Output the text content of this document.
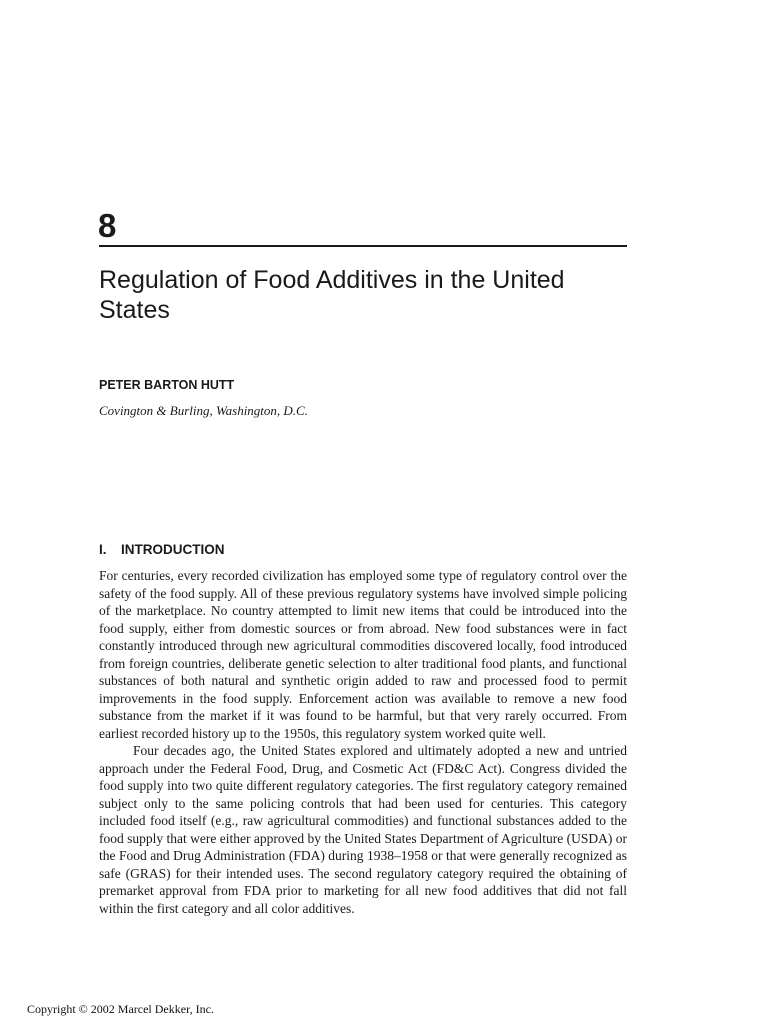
8
Regulation of Food Additives in the United States
PETER BARTON HUTT
Covington & Burling, Washington, D.C.
I. INTRODUCTION

For centuries, every recorded civilization has employed some type of regulatory control over the safety of the food supply. All of these previous regulatory systems have involved simple policing of the marketplace. No country attempted to limit new items that could be introduced into the food supply, either from domestic sources or from abroad. New food substances were in fact constantly introduced through new agricultural commodities discovered locally, food introduced from foreign countries, deliberate genetic selection to alter traditional food plants, and functional substances of both natural and synthetic origin added to raw and processed food to permit improvements in the food supply. Enforcement action was available to remove a new food substance from the market if it was found to be harmful, but that very rarely occurred. From earliest recorded history up to the 1950s, this regulatory system worked quite well.

Four decades ago, the United States explored and ultimately adopted a new and untried approach under the Federal Food, Drug, and Cosmetic Act (FD&C Act). Congress divided the food supply into two quite different regulatory categories. The first regulatory category remained subject only to the same policing controls that had been used for centuries. This category included food itself (e.g., raw agricultural commodities) and functional substances added to the food supply that were either approved by the United States Department of Agriculture (USDA) or the Food and Drug Administration (FDA) during 1938–1958 or that were generally recognized as safe (GRAS) for their intended uses. The second regulatory category required the obtaining of premarket approval from FDA prior to marketing for all new food additives that did not fall within the first category and all color additives.

Copyright © 2002 Marcel Dekker, Inc.
